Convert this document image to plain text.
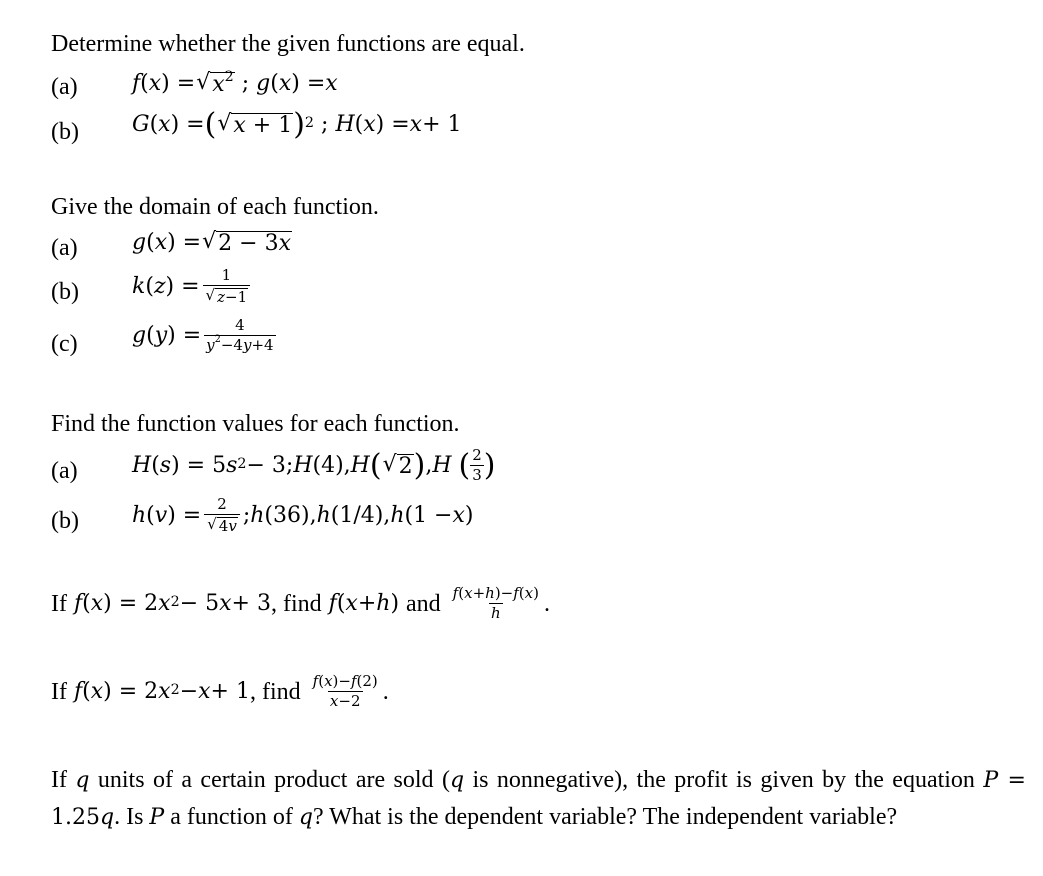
Determine whether the given functions are equal.
(a) f ( x ) = √ $x^2$ ; g ( x ) = x
(b) G ( x ) = ( √ x + 1 )$^2$ ; H ( x ) = x + 1
Give the domain of each function.
(a) g ( x ) = √ 2 − 3x
(b) k ( z ) = $\frac{1}{√ z-1}$
(c) g ( y ) = $\frac{4}{y^2-4y+4}$
Find the function values for each function.
(a) H ( s ) = 5 $s^2 - 3$; H (4), H ( √ 2 ) , H
( $\frac{2}{3}$ )
(b) h ( v ) = $\frac{2}{√ 4v}$ ; h (36), h (1/4), h (1 − x )
If
f ( x ) = 2 $x^2 - 5$ x + 3 , find
f ( x + h ) and
$\frac{f(x+h)-f(x)}{h}$ .
If
f ( x ) = 2 $x^2 - x + 1$ , find
$\frac{f(x)-f(2)}{x-2}$ .
If q units of a certain product are sold (q is nonnegative), the profit is given by the equation P = 1.25q. Is P a function of q? What is the dependent variable? The independent variable?
